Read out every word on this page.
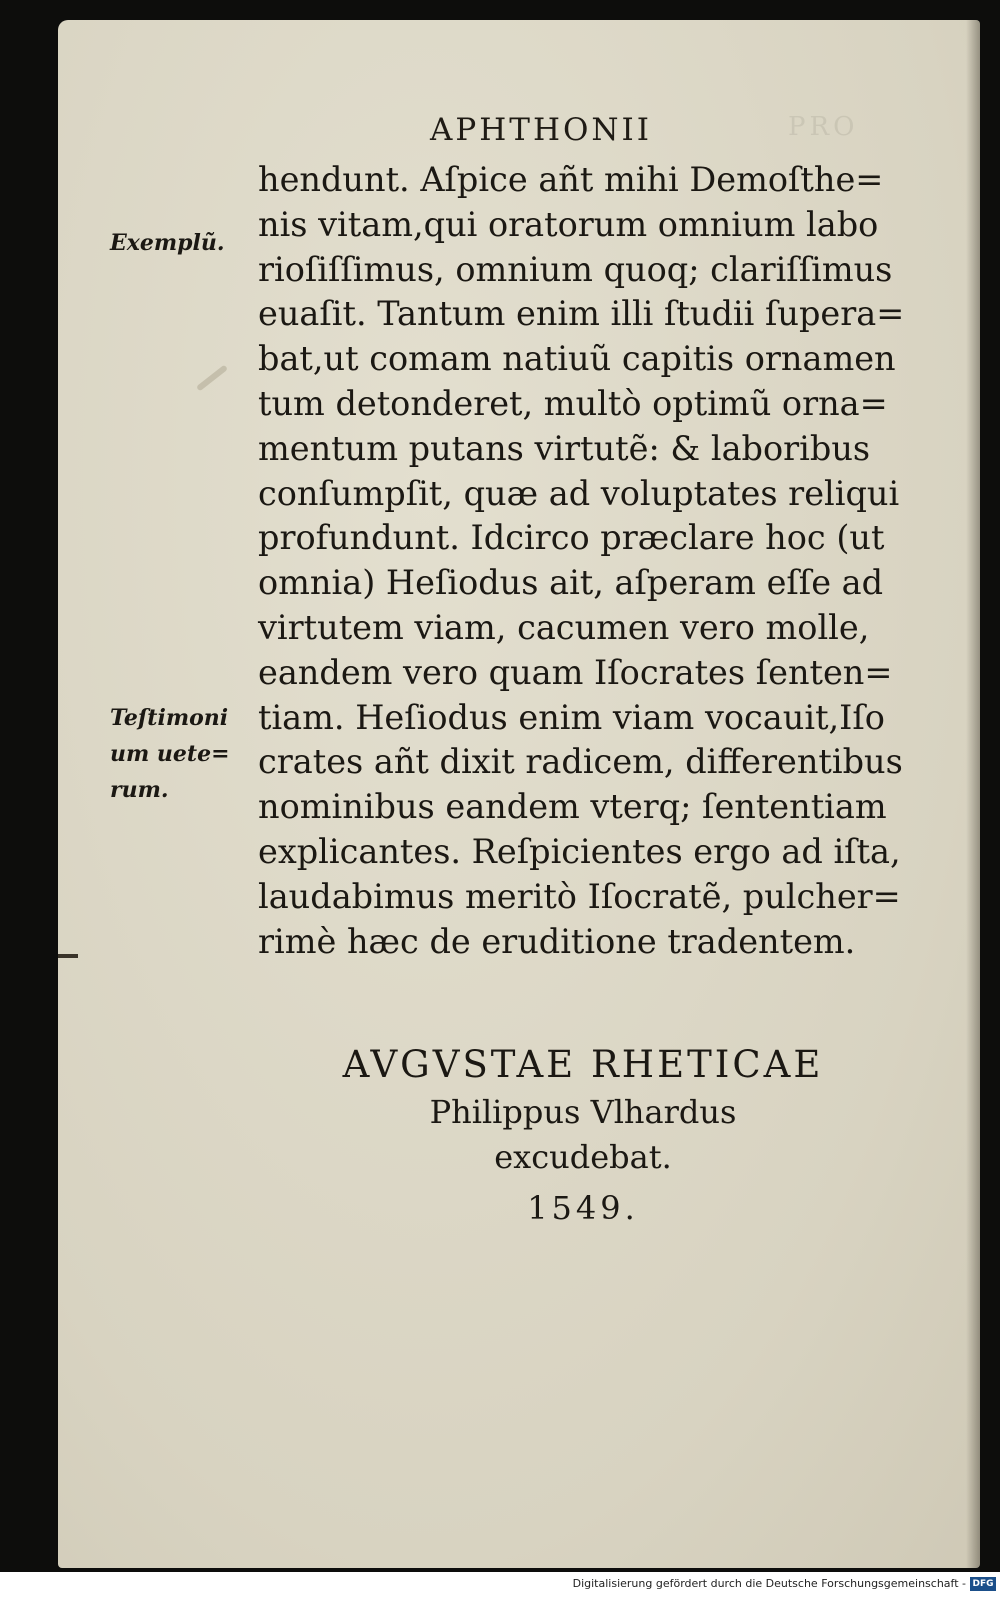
APHTHONII	PRO
Exemplũ.
Teſtimoni
um uete=
rum.
hendunt. Aſpice añt mihi Demoſthe=
nis vitam,qui oratorum omnium labo
rioſiſſimus, omnium quoq; clariſſimus
euaſit. Tantum enim illi ſtudii ſupera=
bat,ut comam natiuũ capitis ornamen
tum detonderet, multò optimũ orna=
mentum putans virtutẽ: & laboribus
conſumpſit, quæ ad voluptates reliqui
profundunt. Idcirco præclare hoc (ut
omnia) Heſiodus ait, aſperam eſſe ad
virtutem viam, cacumen vero molle,
eandem vero quam Iſocrates ſenten=
tiam. Heſiodus enim viam vocauit,Iſo
crates añt dixit radicem, differentibus
nominibus eandem vterq; ſententiam
explicantes. Reſpicientes ergo ad iſta,
laudabimus meritò Iſocratẽ, pulcher=
rimè hæc de eruditione tradentem.
AVGVSTAE RHETICAE
Philippus Vlhardus
excudebat.
1549.
Digitalisierung gefördert durch die Deutsche Forschungsgemeinschaft - DFG
